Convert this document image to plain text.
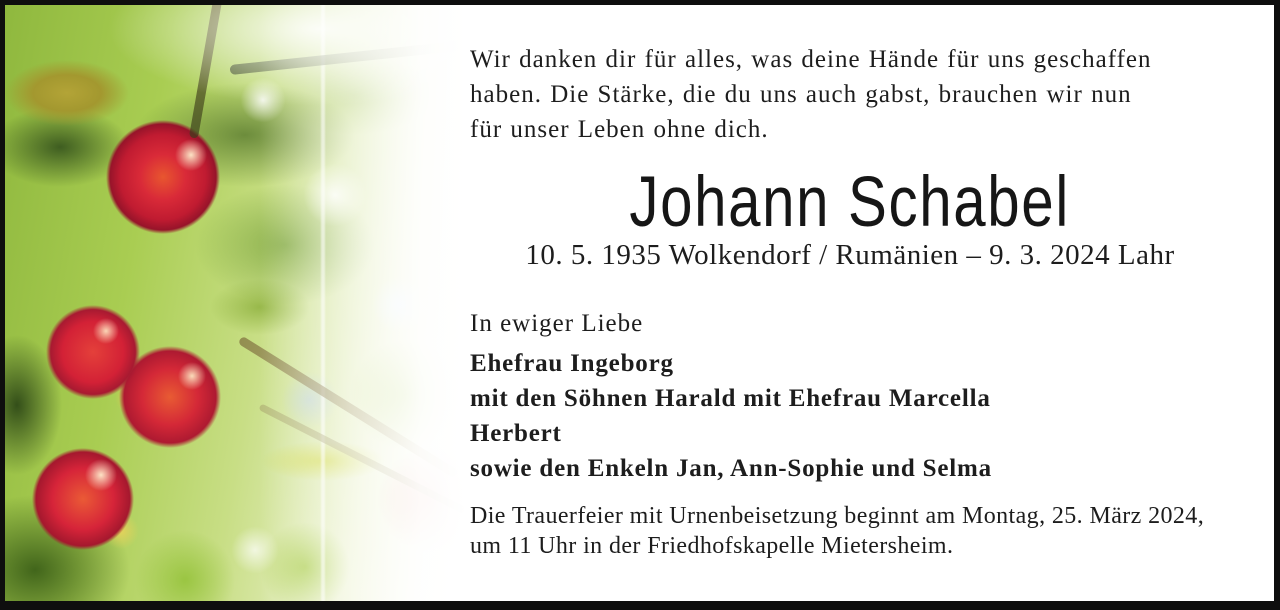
Wir danken dir für alles, was deine Hände für uns geschaffen
haben. Die Stärke, die du uns auch gabst, brauchen wir nun
für unser Leben ohne dich.
Johann Schabel
10. 5. 1935 Wolkendorf / Rumänien – 9. 3. 2024 Lahr
In ewiger Liebe
Ehefrau Ingeborg
mit den Söhnen Harald mit Ehefrau Marcella
Herbert
sowie den Enkeln Jan, Ann-Sophie und Selma
Die Trauerfeier mit Urnenbeisetzung beginnt am Montag, 25. März 2024,
um 11 Uhr in der Friedhofskapelle Mietersheim.
